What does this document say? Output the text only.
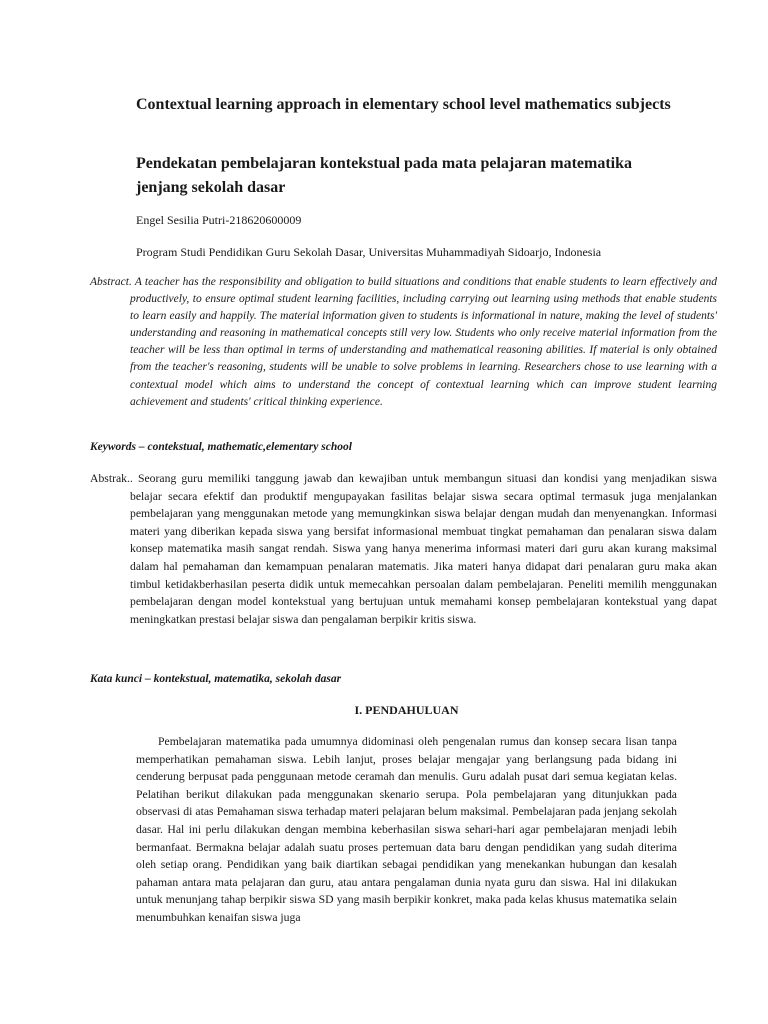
Contextual learning approach in elementary school level mathematics subjects
Pendekatan pembelajaran kontekstual pada mata pelajaran matematika jenjang sekolah dasar
Engel Sesilia Putri-218620600009
Program Studi Pendidikan Guru Sekolah Dasar, Universitas Muhammadiyah Sidoarjo, Indonesia

Abstract. A teacher has the responsibility and obligation to build situations and conditions that enable students to learn effectively and productively, to ensure optimal student learning facilities, including carrying out learning using methods that enable students to learn easily and happily. The material information given to students is informational in nature, making the level of students' understanding and reasoning in mathematical concepts still very low. Students who only receive material information from the teacher will be less than optimal in terms of understanding and mathematical reasoning abilities. If material is only obtained from the teacher's reasoning, students will be unable to solve problems in learning. Researchers chose to use learning with a contextual model which aims to understand the concept of contextual learning which can improve student learning achievement and students' critical thinking experience.

Keywords – contekstual, mathematic,elementary school

Abstrak.. Seorang guru memiliki tanggung jawab dan kewajiban untuk membangun situasi dan kondisi yang menjadikan siswa belajar secara efektif dan produktif mengupayakan fasilitas belajar siswa secara optimal termasuk juga menjalankan pembelajaran yang menggunakan metode yang memungkinkan siswa belajar dengan mudah dan menyenangkan. Informasi materi yang diberikan kepada siswa yang bersifat informasional membuat tingkat pemahaman dan penalaran siswa dalam konsep matematika masih sangat rendah. Siswa yang hanya menerima informasi materi dari guru akan kurang maksimal dalam hal pemahaman dan kemampuan penalaran matematis. Jika materi hanya didapat dari penalaran guru maka akan timbul ketidakberhasilan peserta didik untuk memecahkan persoalan dalam pembelajaran. Peneliti memilih menggunakan pembelajaran dengan model kontekstual yang bertujuan untuk memahami konsep pembelajaran kontekstual yang dapat meningkatkan prestasi belajar siswa dan pengalaman berpikir kritis siswa.

Kata kunci – kontekstual, matematika, sekolah dasar
I. PENDAHULUAN

Pembelajaran matematika pada umumnya didominasi oleh pengenalan rumus dan konsep secara lisan tanpa memperhatikan pemahaman siswa. Lebih lanjut, proses belajar mengajar yang berlangsung pada bidang ini cenderung berpusat pada penggunaan metode ceramah dan menulis. Guru adalah pusat dari semua kegiatan kelas. Pelatihan berikut dilakukan pada menggunakan skenario serupa. Pola pembelajaran yang ditunjukkan pada observasi di atas Pemahaman siswa terhadap materi pelajaran belum maksimal. Pembelajaran pada jenjang sekolah dasar. Hal ini perlu dilakukan dengan membina keberhasilan siswa sehari-hari agar pembelajaran menjadi lebih bermanfaat. Bermakna belajar adalah suatu proses pertemuan data baru dengan pendidikan yang sudah diterima oleh setiap orang. Pendidikan yang baik diartikan sebagai pendidikan yang menekankan hubungan dan kesalah pahaman antara mata pelajaran dan guru, atau antara pengalaman dunia nyata guru dan siswa. Hal ini dilakukan untuk menunjang tahap berpikir siswa SD yang masih berpikir konkret, maka pada kelas khusus matematika selain menumbuhkan kenaifan siswa juga
